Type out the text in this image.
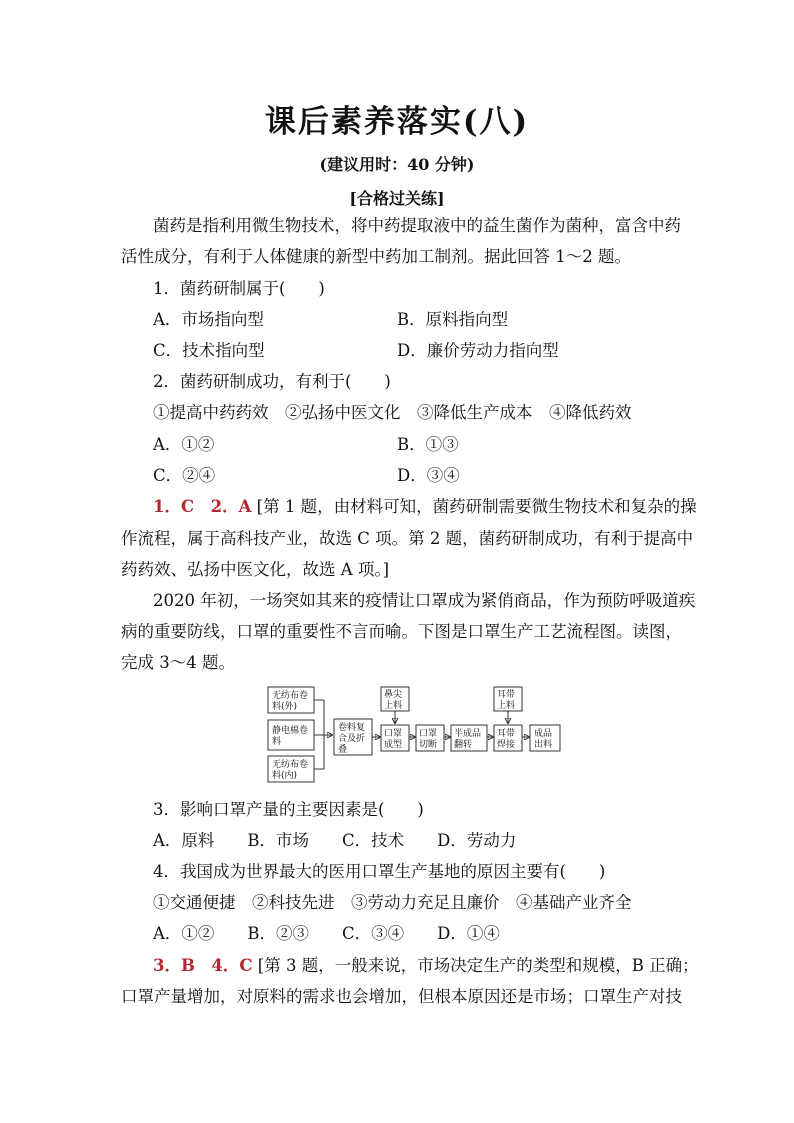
课后素养落实(八)
(建议用时：40 分钟)
[合格过关练]
菌药是指利用微生物技术，将中药提取液中的益生菌作为菌种，富含中药
活性成分，有利于人体健康的新型中药加工制剂。据此回答 1～2 题。
1．菌药研制属于(　　)
A．市场指向型	B．原料指向型
C．技术指向型	D．廉价劳动力指向型
2．菌药研制成功，有利于(　　)
①提高中药药效　②弘扬中医文化　③降低生产成本　④降低药效
A．①②	B．①③
C．②④	D．③④
1．C　2．A [第 1 题，由材料可知，菌药研制需要微生物技术和复杂的操
作流程，属于高科技产业，故选 C 项。第 2 题，菌药研制成功，有利于提高中
药药效、弘扬中医文化，故选 A 项。]
2020 年初，一场突如其来的疫情让口罩成为紧俏商品，作为预防呼吸道疾
病的重要防线，口罩的重要性不言而喻。下图是口罩生产工艺流程图。读图，
完成 3～4 题。
无纺布卷
料(外)
静电棉卷
料
无纺布卷
料(内)
卷料复
合及折
叠
鼻尖
上料
口罩
成型
口罩
切断
半成品
翻转
耳带
上料
耳带
焊接
成品
出料
3．影响口罩产量的主要因素是(　　)
A．原料　　B．市场　　C．技术　　D．劳动力
4．我国成为世界最大的医用口罩生产基地的原因主要有(　　)
①交通便捷　②科技先进　③劳动力充足且廉价　④基础产业齐全
A．①②　　B．②③　　C．③④　　D．①④
3．B　4．C [第 3 题，一般来说，市场决定生产的类型和规模，B 正确；
口罩产量增加，对原料的需求也会增加，但根本原因还是市场；口罩生产对技
